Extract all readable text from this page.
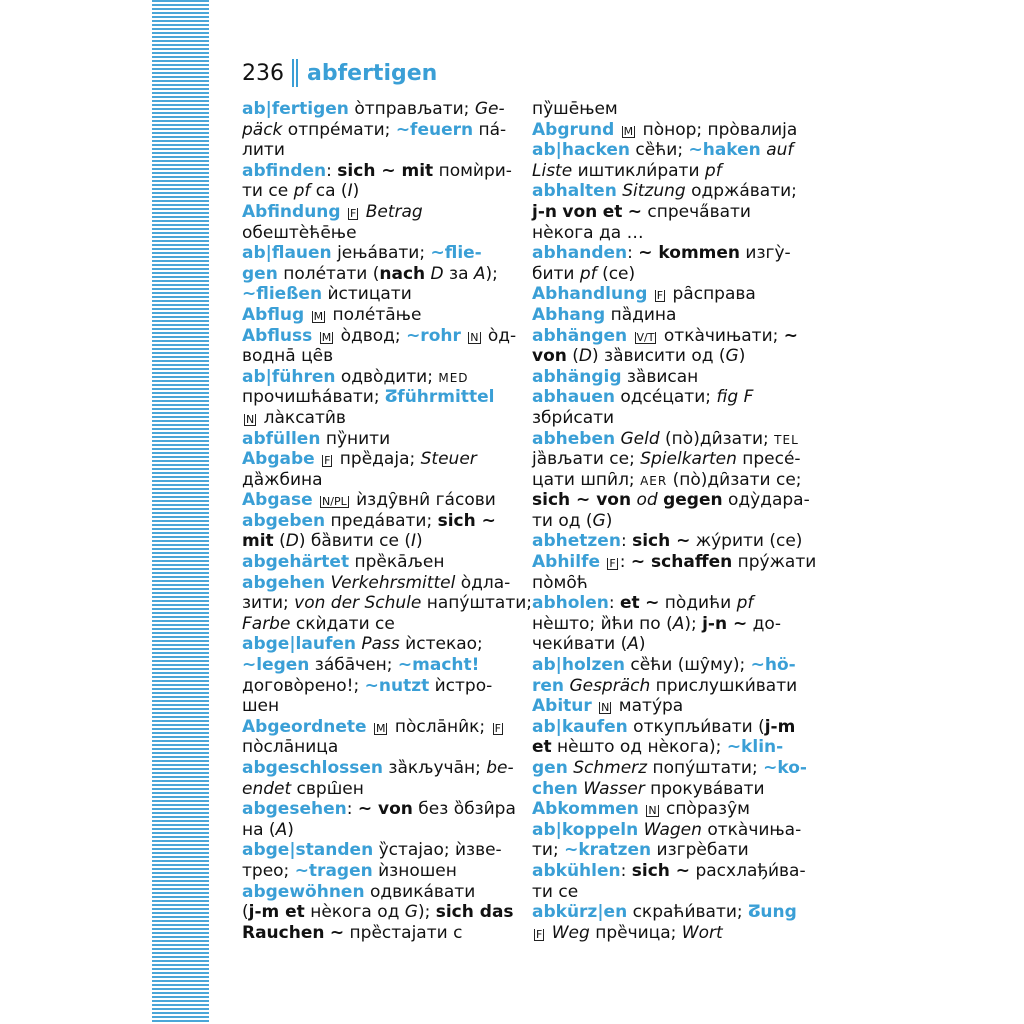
236 abfertigen
ab|fertigen òтправљати; Ge-
päck отпре́мати; ~feuern па́-
лити
abfinden: sich ~ mit помѝри-
ти се pf са (I)
Abfindung F Betrag
обештѐће̄ње
ab|flauen јења́вати; ~flie-
gen поле́тати (nach D за A);
~fließen ѝстицати
Abflug M поле́та̄ње
Abfluss M о̀двод; ~rohr N о̀д-
водна̄ це̑в
ab|führen одво̀дити; MED
прочишћа́вати; ⵒführmittel
N ла̀ксати̑в
abfüllen пу̏нити
Abgabe F пре̏даја; Steuer
да̏жбина
Abgase N/PL ѝзду̑вни̑ га́сови
abgeben преда́вати; sich ~
mit (D) ба̏вити се (I)
abgehärtet пре̏ка̄љен
abgehen Verkehrsmittel о̀дла-
зити; von der Schule напу́штати;
Farbe скѝдати се
abge|laufen Pass ѝстекао;
~legen за́ба̄чен; ~macht!
догово̀рено!; ~nutzt ѝстро-
шен
Abgeordnete M по̀сла̄ни̑к; F
по̀сла̄ница
abgeschlossen за̏кључа̄н; be-
endet сврш̑ен
abgesehen: ~ von без о̏бзи̑ра
на (A)
abge|standen у̏стајао; ѝзве-
трео; ~tragen ѝзношен
abgewöhnen одвика́вати
(j-m et нѐкога од G); sich das
Rauchen ~ пре̏стајати с
пу̏ше̄њем
Abgrund M по̀нор; про̀валија
ab|hacken се̏ћи; ~haken auf
Liste иштикли́рати pf
abhalten Sitzung одржа́вати;
j-n von et ~ спречa̋вати
нѐкога да …
abhanden: ~ kommen изгу̀-
бити pf (се)
Abhandlung F ра̑справа
Abhang па̏дина
abhängen V/T отка̀чињати; ~
von (D) за̏висити од (G)
abhängig за̏висан
abhauen одсе́цати; fig F
збри́сати
abheben Geld (по̀)ди̑зати; TEL
ја̏вљати се; Spielkarten пресе́-
цати шпи̑л; AER (по̀)ди̑зати се;
sich ~ von od gegen оду̀дара-
ти од (G)
abhetzen: sich ~ жу́рити (се)
Abhilfe F : ~ schaffen пру́жати
по̀мо̑ћ
abholen: et ~ по̀дићи pf
нѐшто; и̏ћи по (A); j-n ~ до-
чеки́вати (A)
ab|holzen се̏ћи (шу̑му); ~hö-
ren Gespräch прислушки́вати
Abitur N мату́ра
ab|kaufen откупљи́вати (j-m
et нѐшто од нѐкога); ~klin-
gen Schmerz попу́штати; ~ko-
chen Wasser прокува́вати
Abkommen N спо̀разу̑м
ab|koppeln Wagen отка̀чиња-
ти; ~kratzen изгрѐбати
abkühlen: sich ~ расхлађи́ва-
ти се
abkürz|en скраћи́вати; ⵒung
F Weg пре̏чица; Wort
